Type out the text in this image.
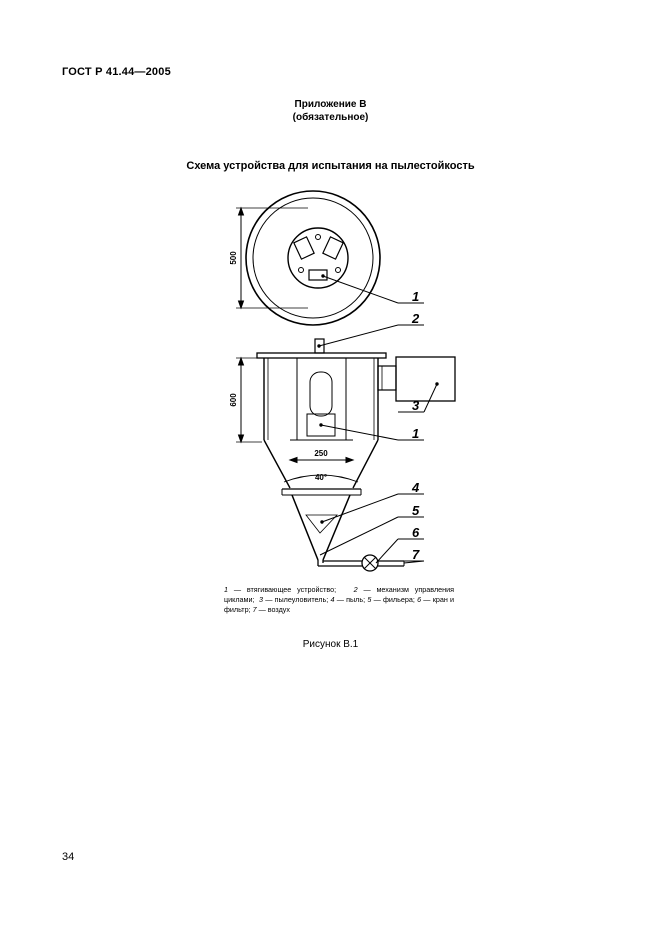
ГОСТ Р 41.44—2005
Приложение В
(обязательное)
Схема устройства для испытания на пылестойкость
500
600
250
40°
1
2
3
1
4
5
6
7
1 — втягивающее устройство; 2 — механизм управления циклами; 3 — пылеуловитель; 4 — пыль; 5 — фильера; 6 — кран и фильтр; 7 — воздух
Рисунок В.1
34
